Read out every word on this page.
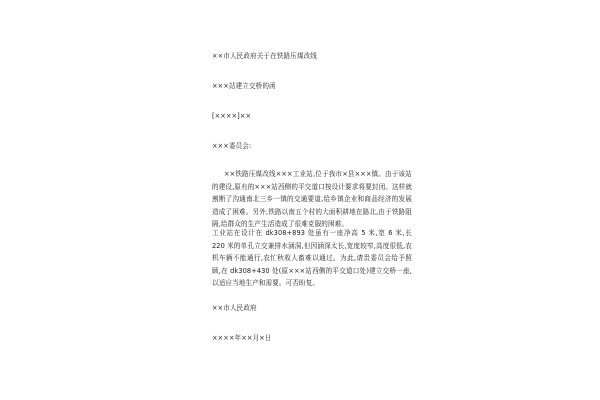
××市人民政府关于在铁路压煤改线
×××站建立交桥的函
[××××]××
×××委员会:
××铁路压煤改线×××工业站,位于我市×县×××镇。由于该站的建设,原有的×××站西侧的平交道口按设计要求将要封闭。这样就割断了沟通南北三乡一镇的交通要道,给乡镇企业和商品经济的发展造成了困难。另外,铁路以南五个村的大面积耕地在路北,由于铁路阻隔,给群众的生产生活造成了很难克服的困难。
工业站在设计在 dk308+893 处虽有一座净高 5 米,宽 6 米,长 220 米的单孔立交兼排水涵洞,但因涵深太长,宽度较窄,高度很低,农机车辆不能通行,农忙秋收人畜难以通过。为此,请贵委员会给予照顾,在 dk308+430 处(原×××站西侧的平交道口处)建立交桥一座,以适应当地生产和需要。可否盼复。
××市人民政府
××××年××月×日
